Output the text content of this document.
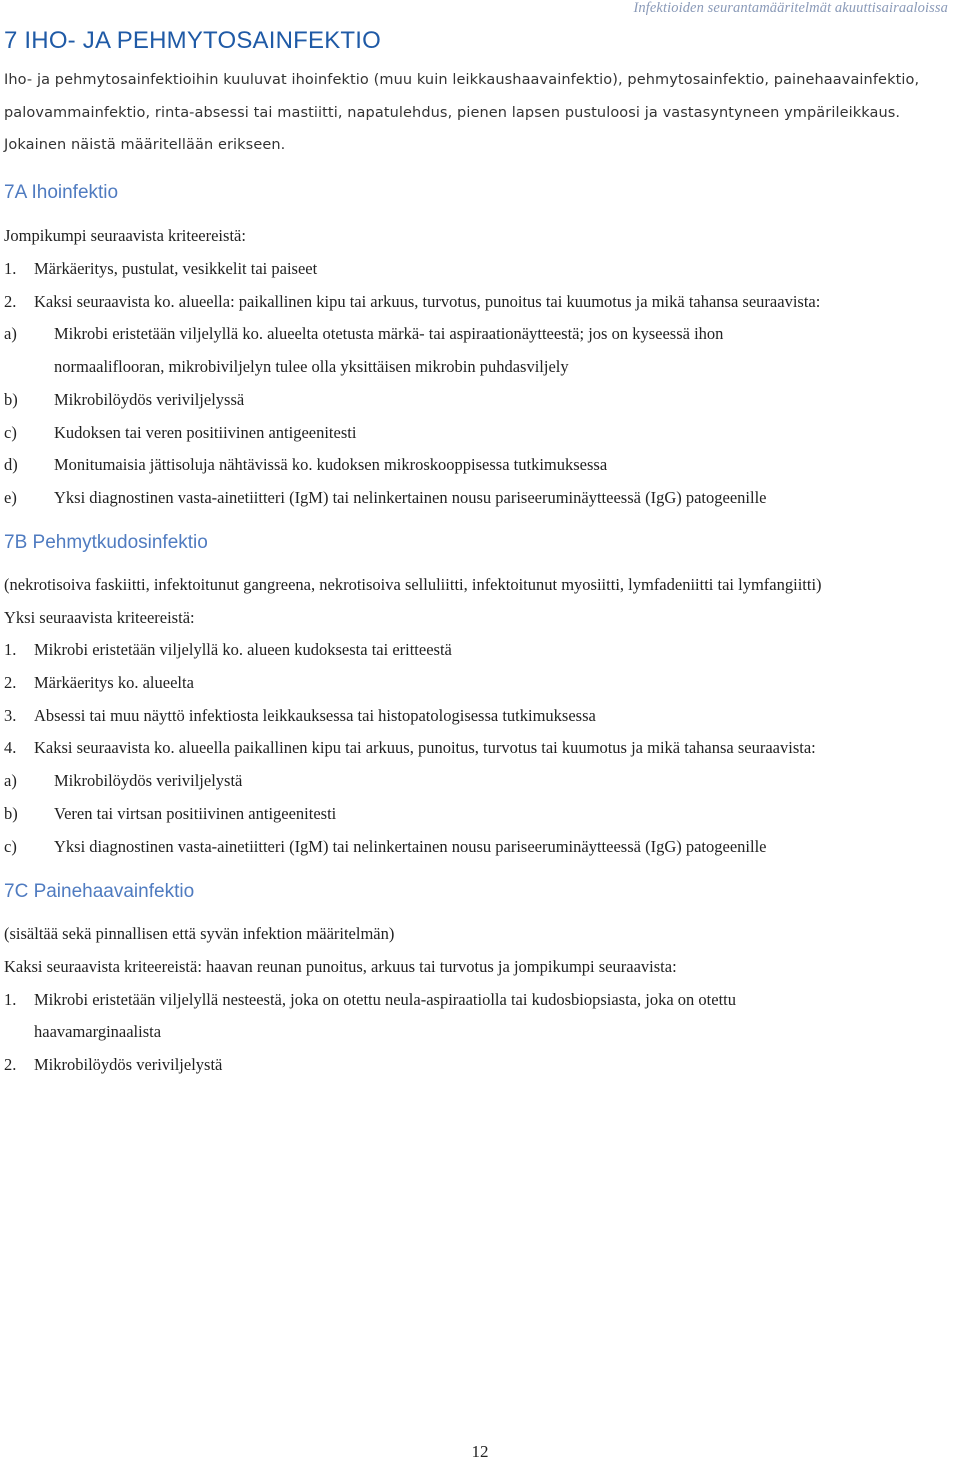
Infektioiden seurantamääritelmät akuuttisairaaloissa
7 IHO- JA PEHMYTOSAINFEKTIO

Iho- ja pehmytosainfektioihin kuuluvat ihoinfektio (muu kuin leikkaushaavainfektio), pehmytosainfektio, painehaavainfektio, palovammainfektio, rinta-absessi tai mastiitti, napatulehdus, pienen lapsen pustuloosi ja vastasyntyneen ympärileikkaus. Jokainen näistä määritellään erikseen.

7A Ihoinfektio
Jompikumpi seuraavista kriteereistä:
1. Märkäeritys, pustulat, vesikkelit tai paiseet
2. Kaksi seuraavista ko. alueella: paikallinen kipu tai arkuus, turvotus, punoitus tai kuumotus ja mikä tahansa seuraavista:
a) Mikrobi eristetään viljelyllä ko. alueelta otetusta märkä- tai aspiraationäytteestä; jos on kyseessä ihon
normaaliflooran, mikrobiviljelyn tulee olla yksittäisen mikrobin puhdasviljely
b) Mikrobilöydös veriviljelyssä
c) Kudoksen tai veren positiivinen antigeenitesti
d) Monitumaisia jättisoluja nähtävissä ko. kudoksen mikroskooppisessa tutkimuksessa
e) Yksi diagnostinen vasta-ainetiitteri (IgM) tai nelinkertainen nousu pariseeruminäytteessä (IgG) patogeenille
7B Pehmytkudosinfektio
(nekrotisoiva faskiitti, infektoitunut gangreena, nekrotisoiva selluliitti, infektoitunut myosiitti, lymfadeniitti tai lymfangiitti)
Yksi seuraavista kriteereistä:
1. Mikrobi eristetään viljelyllä ko. alueen kudoksesta tai eritteestä
2. Märkäeritys ko. alueelta
3. Absessi tai muu näyttö infektiosta leikkauksessa tai histopatologisessa tutkimuksessa
4. Kaksi seuraavista ko. alueella paikallinen kipu tai arkuus, punoitus, turvotus tai kuumotus ja mikä tahansa seuraavista:
a) Mikrobilöydös veriviljelystä
b) Veren tai virtsan positiivinen antigeenitesti
c) Yksi diagnostinen vasta-ainetiitteri (IgM) tai nelinkertainen nousu pariseeruminäytteessä (IgG) patogeenille
7C Painehaavainfektio
(sisältää sekä pinnallisen että syvän infektion määritelmän)
Kaksi seuraavista kriteereistä: haavan reunan punoitus, arkuus tai turvotus ja jompikumpi seuraavista:
1. Mikrobi eristetään viljelyllä nesteestä, joka on otettu neula-aspiraatiolla tai kudosbiopsiasta, joka on otettu
haavamarginaalista
2. Mikrobilöydös veriviljelystä
12
